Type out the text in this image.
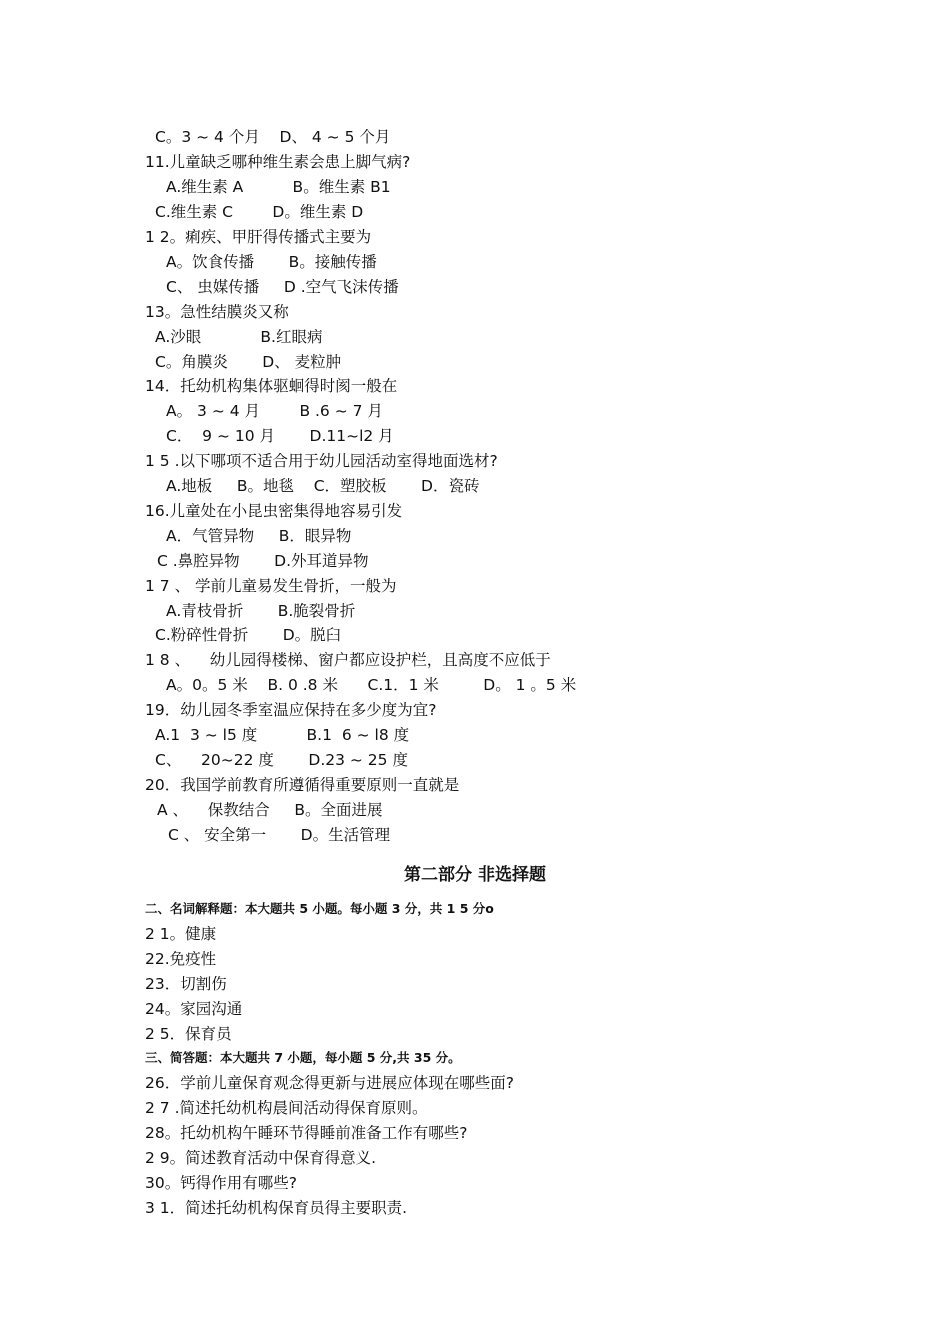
C。3 ~ 4 个月    D、 4 ~ 5 个月
11.儿童缺乏哪种维生素会患上脚气病?
A.维生素 A          B。维生素 B1
C.维生素 C        D。维生素 D
1 2。痢疾、甲肝得传播式主要为
A。饮食传播       B。接触传播
C、 虫媒传播     D .空气飞沫传播
13。急性结膜炎又称
A.沙眼            B.红眼病
C。角膜炎       D、 麦粒肿
14．托幼机构集体驱蛔得时阂一般在
A。 3 ~ 4 月        B .6 ~ 7 月
C．  9 ~ 10 月       D.11~l2 月
1 5 .以下哪项不适合用于幼儿园活动室得地面选材?
A.地板     B。地毯    C．塑胶板       D．瓷砖
16.儿童处在小昆虫密集得地容易引发
A．气管异物     B．眼异物
C .鼻腔异物       D.外耳道异物
1 7 、 学前儿童易发生骨折，一般为
A.青枝骨折       B.脆裂骨折
C.粉碎性骨折       D。脱臼
1 8 、    幼儿园得楼梯、窗户都应设护栏，且高度不应低于
A。0。5 米    B. 0 .8 米      C.1．1 米         D。 1 。5 米
19．幼儿园冬季室温应保持在多少度为宜?
A.1  3 ~ l5 度          B.1  6 ~ l8 度
C、    20~22 度       D.23 ~ 25 度
20．我国学前教育所遵循得重要原则一直就是
A 、    保教结合     B。全面进展
C 、 安全第一       D。生活管理
第二部分 非选择题
二、名词解释题：本大题共 5 小题。每小题 3 分，共 1 5 分o
2 1。健康
22.免疫性
23．切割伤
24。家园沟通
2 5．保育员
三、简答题：本大题共 7 小题，每小题 5 分,共 35 分。
26．学前儿童保育观念得更新与进展应体现在哪些面?
2 7 .简述托幼机构晨间活动得保育原则。
28。托幼机构午睡环节得睡前准备工作有哪些?
2 9。简述教育活动中保育得意义.
30。钙得作用有哪些?
3 1．简述托幼机构保育员得主要职责.
